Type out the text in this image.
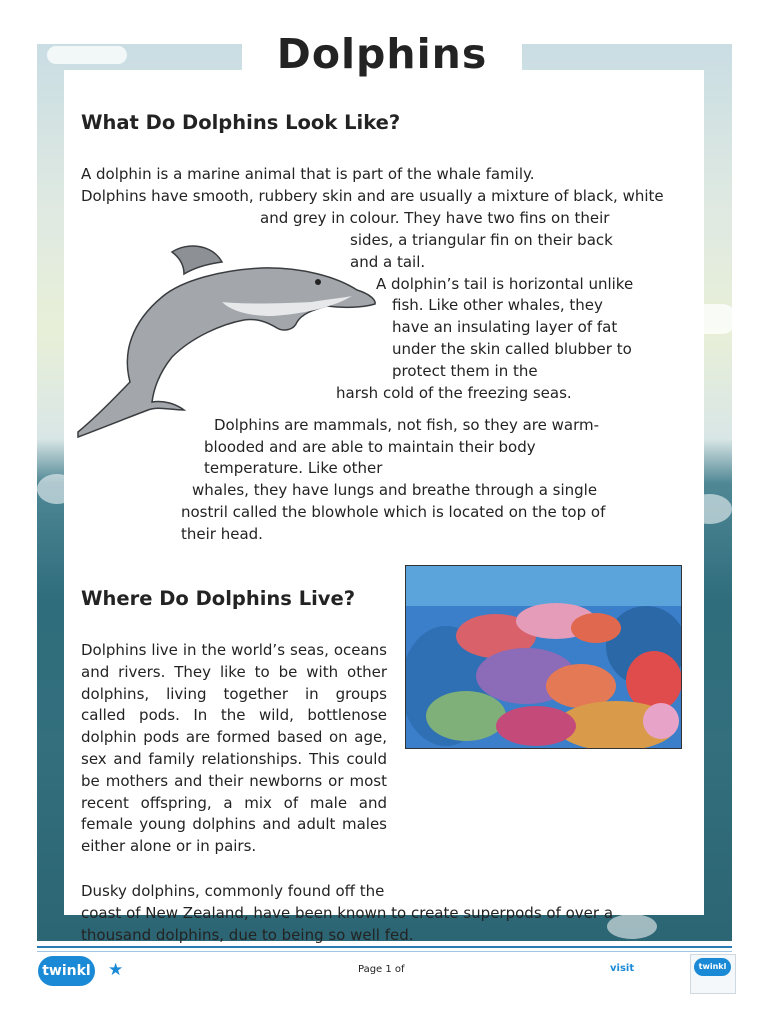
Dolphins
What Do Dolphins Look Like?

A dolphin is a marine animal that is part of the whale family.

Dolphins have smooth, rubbery skin and are usually a mixture of black, white

and grey in colour. They have two fins on their

sides, a triangular fin on their back

and a tail.

A dolphin’s tail is horizontal unlike

fish. Like other whales, they

have an insulating layer of fat

under the skin called blubber to

protect them in the

harsh cold of the freezing seas.

Dolphins are mammals, not fish, so they are warm-

blooded and are able to maintain their body

temperature. Like other

whales, they have lungs and breathe through a single

nostril called the blowhole which is located on the top of

their head.

Where Do Dolphins Live?

Dolphins live in the world’s seas, oceans and rivers. They like to be with other dolphins, living together in groups called pods. In the wild, bottlenose dolphin pods are formed based on age, sex and family relationships. This could be mothers and their newborns or most recent offspring, a mix of male and female young dolphins and adult males either alone or in pairs.

Dusky dolphins, commonly found off the

coast of New Zealand, have been known to create superpods of over a

thousand dolphins, due to being so well fed.

twinkl ★	Page 1 of	visit	twinkl
